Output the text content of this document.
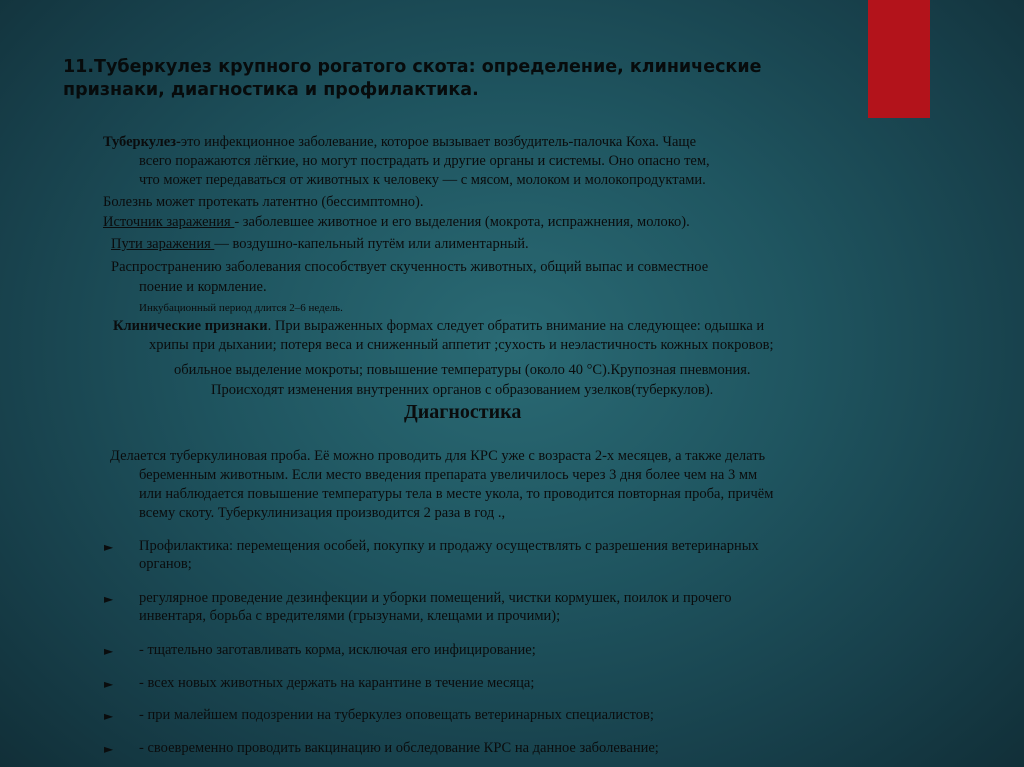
11.Туберкулез крупного рогатого скота: определение, клинические признаки, диагностика и профилактика.
Туберкулез-это инфекционное заболевание, которое вызывает возбудитель-палочка Коха. Чаще
всего поражаются лёгкие, но могут пострадать и другие органы и системы. Оно опасно тем,
что может передаваться от животных к человеку — с мясом, молоком и молокопродуктами.
Болезнь может протекать латентно (бессимптомно).
Источник заражения - заболевшее животное и его выделения (мокрота, испражнения, молоко).
Пути заражения — воздушно-капельный путём или алиментарный.
Распространению заболевания способствует скученность животных, общий выпас и совместное
поение и кормление.
Инкубационный период длится 2–6 недель.
Клинические признаки. При выраженных формах следует обратить внимание на следующее: одышка и
хрипы при дыхании; потеря веса и сниженный аппетит ;сухость и неэластичность кожных покровов;
обильное выделение мокроты; повышение температуры (около 40 °С).Крупозная пневмония.
Происходят изменения внутренних органов с образованием узелков(туберкулов).
Диагностика
Делается туберкулиновая проба. Её можно проводить для КРС уже с возраста 2-х месяцев, а также делать
беременным животным. Если место введения препарата увеличилось через 3 дня более чем на 3 мм
или наблюдается повышение температуры тела в месте укола, то проводится повторная проба, причём
всему скоту. Туберкулинизация производится 2 раза в год .,
► Профилактика: перемещения особей, покупку и продажу осуществлять с разрешения ветеринарных
органов;
► регулярное проведение дезинфекции и уборки помещений, чистки кормушек, поилок и прочего
инвентаря, борьба с вредителями (грызунами, клещами и прочими);
► - тщательно заготавливать корма, исключая его инфицирование;
► - всех новых животных держать на карантине в течение месяца;
► - при малейшем подозрении на туберкулез оповещать ветеринарных специалистов;
► - своевременно проводить вакцинацию и обследование КРС на данное заболевание;
